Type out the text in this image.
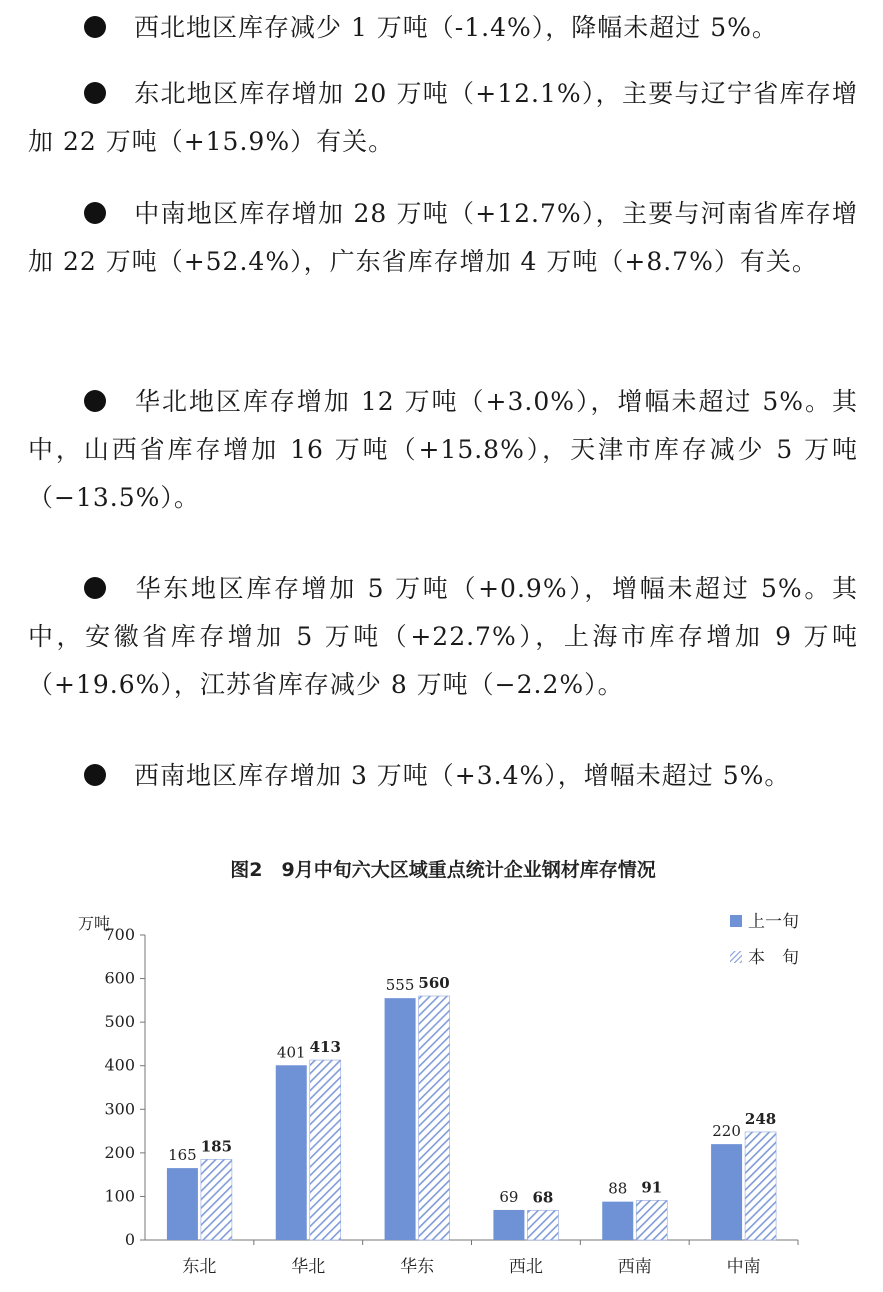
西北地区库存减少 1 万吨（-1.4%），降幅未超过 5%。

东北地区库存增加 20 万吨（+12.1%），主要与辽宁省库存增加 22 万吨（+15.9%）有关。

中南地区库存增加 28 万吨（+12.7%），主要与河南省库存增加 22 万吨（+52.4%），广东省库存增加 4 万吨（+8.7%）有关。

华北地区库存增加 12 万吨（+3.0%），增幅未超过 5%。其中，山西省库存增加 16 万吨（+15.8%），天津市库存减少 5 万吨（−13.5%）。

华东地区库存增加 5 万吨（+0.9%），增幅未超过 5%。其中，安徽省库存增加 5 万吨（+22.7%），上海市库存增加 9 万吨（+19.6%），江苏省库存减少 8 万吨（−2.2%）。

西南地区库存增加 3 万吨（+3.4%），增幅未超过 5%。

图2　9月中旬六大区域重点统计企业钢材库存情况
万吨
0
100
200
300
400
500
600
700
东北
165 185
华北
401 413
华东
555 560
西北
69 68
西南
88 91
中南
220
248
上一旬
本　旬
